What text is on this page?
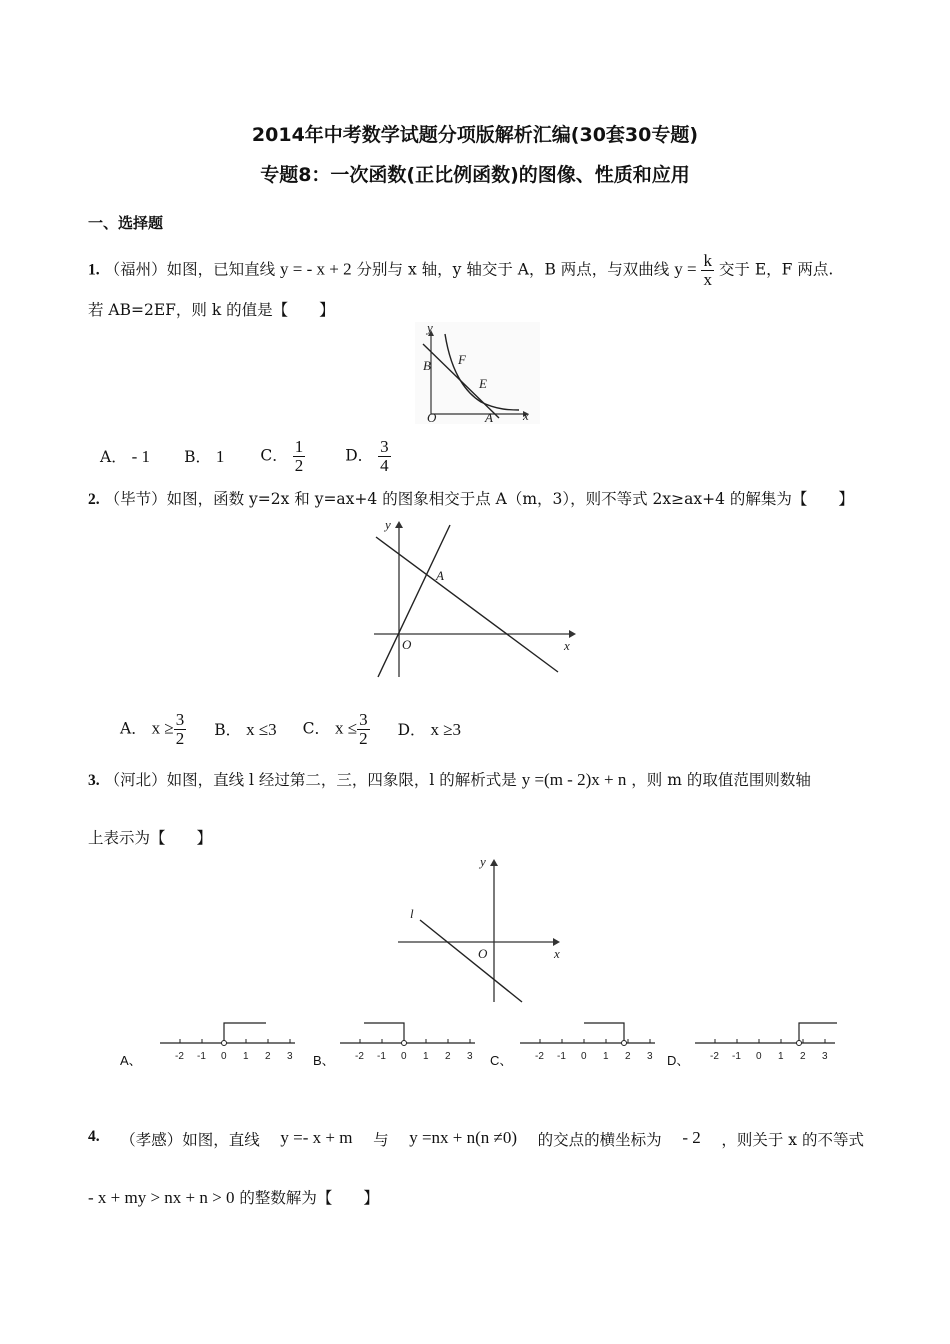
2014年中考数学试题分项版解析汇编(30套30专题)
专题8：一次函数(正比例函数)的图像、性质和应用
一、选择题
1. （福州）如图，已知直线 y = - x + 2 分别与 x 轴，y 轴交于 A，B 两点，与双曲线 $y = \frac{k}{x}$ 交于 E，F 两点.
若 AB=2EF，则 k 的值是【　　】
y
x
B F
E
O	A
A． - 1 B． 1 C． $\frac{1}{2}$	D． $\frac{3}{4}$
2. （毕节）如图，函数 y=2x 和 y=ax+4 的图象相交于点 A（m，3），则不等式 2x≥ax+4 的解集为【　　】
y
x
A
O
A． $x \ge \frac{3}{2}$ B． x ≤3 C． $x \le \frac{3}{2}$ D． x ≥3
3. （河北）如图，直线 l 经过第二，三，四象限，l 的解析式是 y =(m - 2)x + n ，则 m 的取值范围则数轴
上表示为【　　】
y
x
l
O
A、	B、	C、	D、
-2 -1 0 1 2 3	-2 -1 0 1 2 3	-2 -1 0 1 2 3	-2 -1 0 1 2 3
4. （孝感）如图，直线 y =- x + m 与 y =nx + n(n ≠0) 的交点的横坐标为 - 2 ，则关于 x 的不等式
- x + my > nx + n > 0 的整数解为【　　】
